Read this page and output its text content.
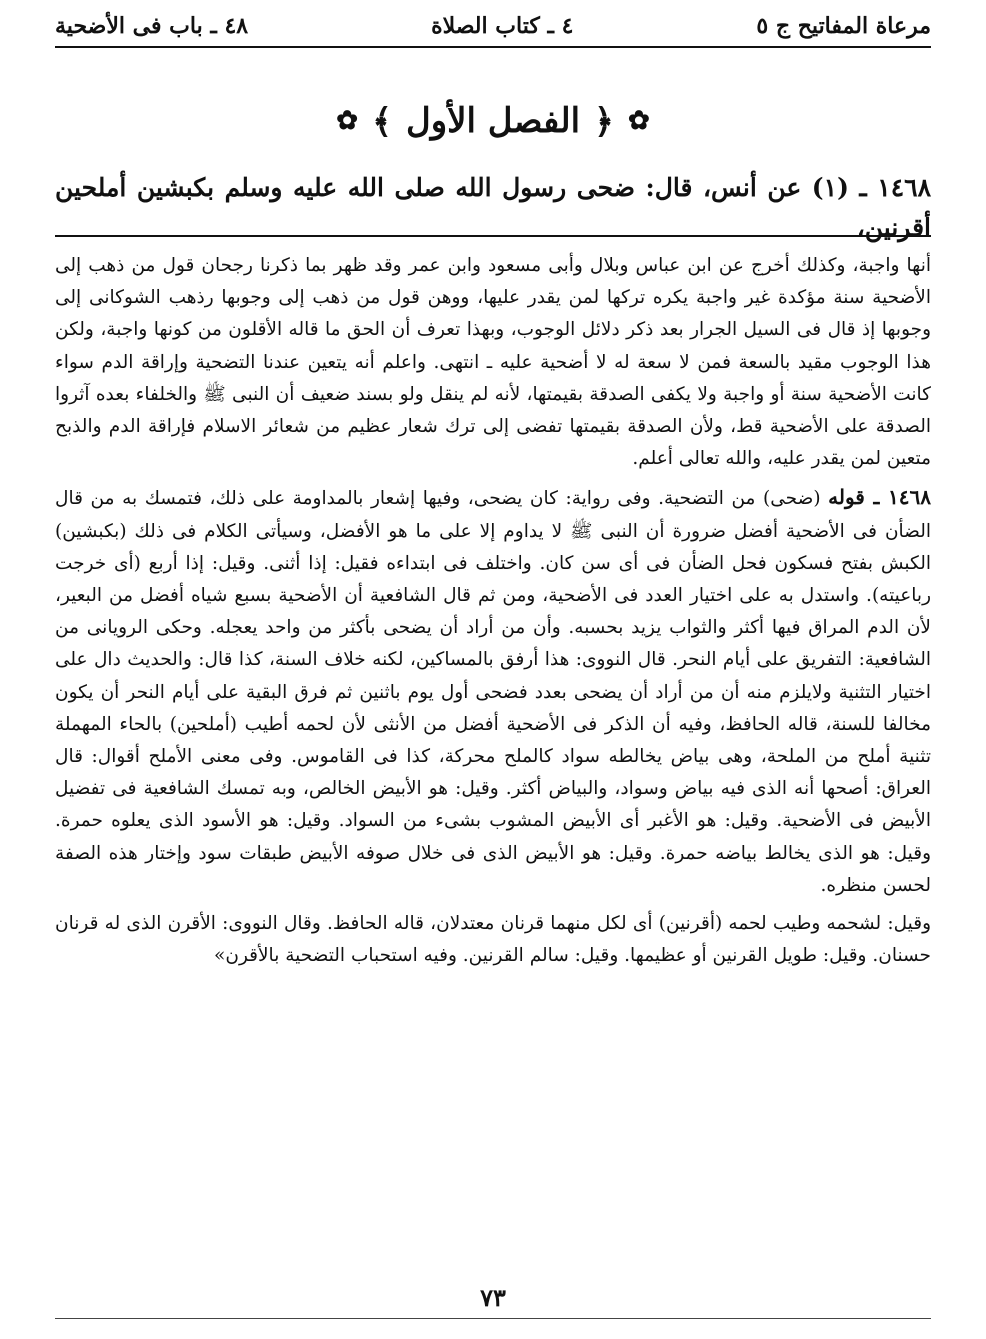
مرعاة المفاتيح ج ٥
٤ ـ كتاب الصلاة
٤٨ ـ باب فى الأضحية
✿
﴿
الفصل الأول
﴾
✿
١٤٦٨ ـ (١) عن أنس، قال: ضحى رسول الله صلى الله عليه وسلم بكبشين أملحين أقرنين،

أنها واجبة، وكذلك أخرج عن ابن عباس وبلال وأبى مسعود وابن عمر وقد ظهر بما ذكرنا رجحان قول من ذهب إلى الأضحية سنة مؤكدة غير واجبة يكره تركها لمن يقدر عليها، ووهن قول من ذهب إلى وجوبها رذهب الشوكانى إلى وجوبها إذ قال فى السيل الجرار بعد ذكر دلائل الوجوب، وبهذا تعرف أن الحق ما قاله الأقلون من كونها واجبة، ولكن هذا الوجوب مقيد بالسعة فمن لا سعة له لا أضحية عليه ـ انتهى. واعلم أنه يتعين عندنا التضحية وإراقة الدم سواء كانت الأضحية سنة أو واجبة ولا يكفى الصدقة بقيمتها، لأنه لم ينقل ولو بسند ضعيف أن النبى ﷺ والخلفاء بعده آثروا الصدقة على الأضحية قط، ولأن الصدقة بقيمتها تفضى إلى ترك شعار عظيم من شعائر الاسلام فإراقة الدم والذبح متعين لمن يقدر عليه، والله تعالى أعلم.

١٤٦٨ ـ قوله (ضحى) من التضحية. وفى رواية: كان يضحى، وفيها إشعار بالمداومة على ذلك، فتمسك به من قال الضأن فى الأضحية أفضل ضرورة أن النبى ﷺ لا يداوم إلا على ما هو الأفضل، وسيأتى الكلام فى ذلك (بكبشين) الكبش بفتح فسكون فحل الضأن فى أى سن كان. واختلف فى ابتداءه فقيل: إذا أثنى. وقيل: إذا أربع (أى خرجت رباعيته). واستدل به على اختيار العدد فى الأضحية، ومن ثم قال الشافعية أن الأضحية بسبع شياه أفضل من البعير، لأن الدم المراق فيها أكثر والثواب يزيد بحسبه. وأن من أراد أن يضحى بأكثر من واحد يعجله. وحكى الرويانى من الشافعية: التفريق على أيام النحر. قال النووى: هذا أرفق بالمساكين، لكنه خلاف السنة، كذا قال: والحديث دال على اختيار التثنية ولايلزم منه أن من أراد أن يضحى بعدد فضحى أول يوم باثنين ثم فرق البقية على أيام النحر أن يكون مخالفا للسنة، قاله الحافظ، وفيه أن الذكر فى الأضحية أفضل من الأنثى لأن لحمه أطيب (أملحين) بالحاء المهملة تثنية أملح من الملحة، وهى بياض يخالطه سواد كالملح محركة، كذا فى القاموس. وفى معنى الأملح أقوال: قال العراق: أصحها أنه الذى فيه بياض وسواد، والبياض أكثر. وقيل: هو الأبيض الخالص، وبه تمسك الشافعية فى تفضيل الأبيض فى الأضحية. وقيل: هو الأغبر أى الأبيض المشوب بشىء من السواد. وقيل: هو الأسود الذى يعلوه حمرة. وقيل: هو الذى يخالط بياضه حمرة. وقيل: هو الأبيض الذى فى خلال صوفه الأبيض طبقات سود وإختار هذه الصفة لحسن منظره.

وقيل: لشحمه وطيب لحمه (أقرنين) أى لكل منهما قرنان معتدلان، قاله الحافظ. وقال النووى: الأقرن الذى له قرنان حسنان. وقيل: طويل القرنين أو عظيمها. وقيل: سالم القرنين. وفيه استحباب التضحية بالأقرن»

٧٣
